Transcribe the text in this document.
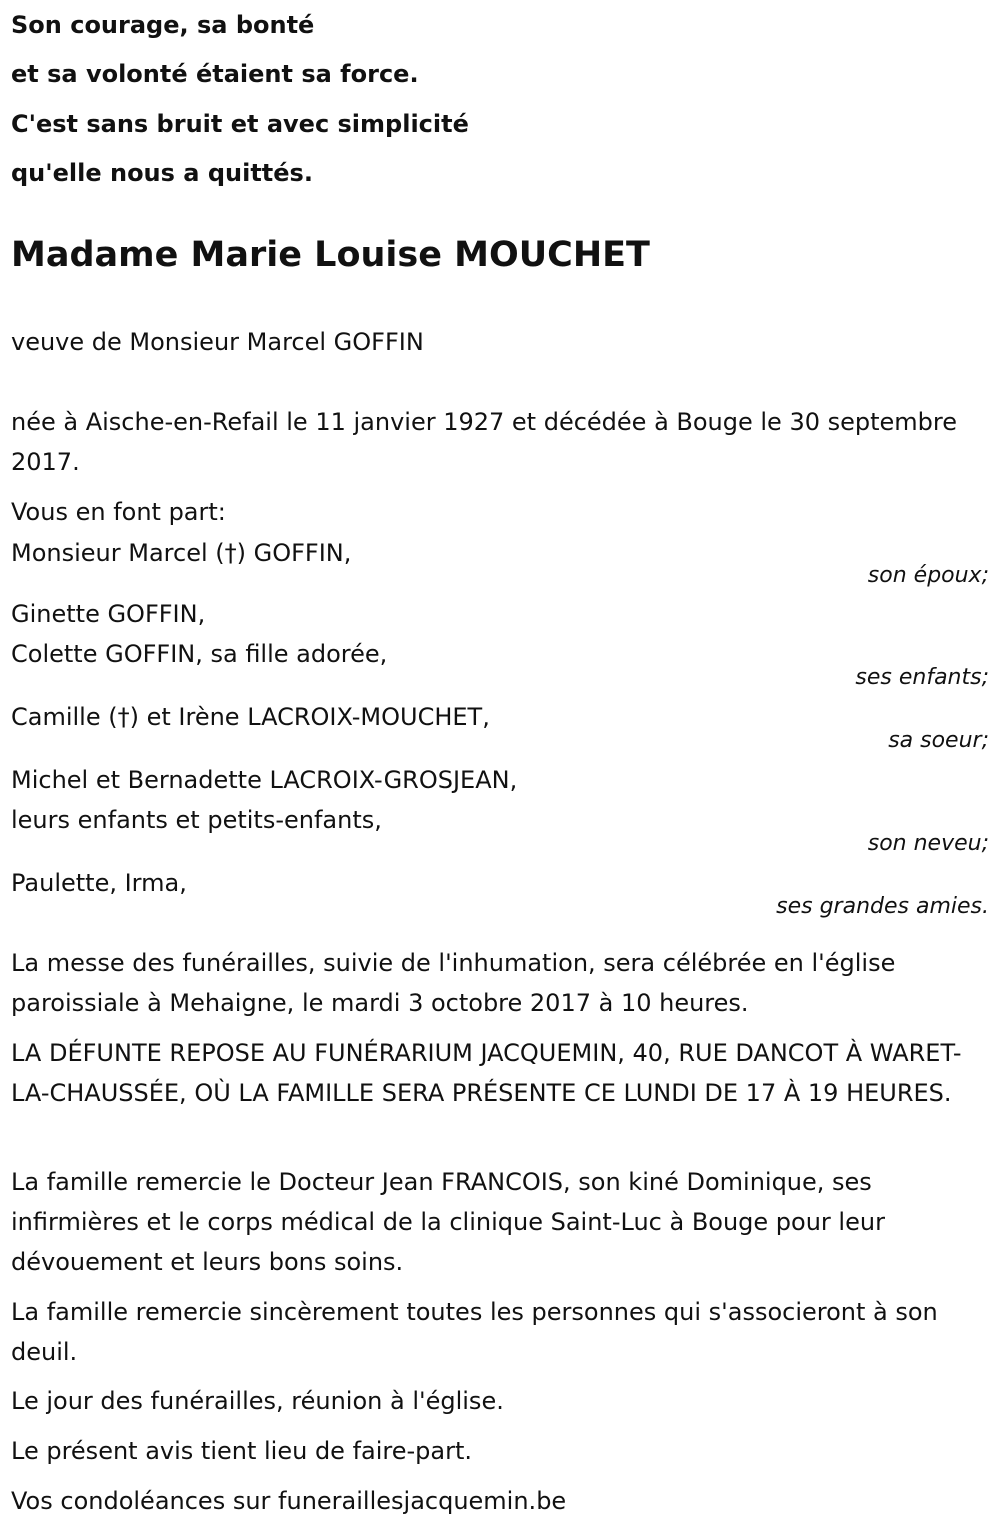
Son courage, sa bonté
et sa volonté étaient sa force.
C'est sans bruit et avec simplicité
qu'elle nous a quittés.
Madame Marie Louise MOUCHET
veuve de Monsieur Marcel GOFFIN
née à Aische-en-Refail le 11 janvier 1927 et décédée à Bouge le 30 septembre 2017.
Vous en font part:
Monsieur Marcel (†) GOFFIN,
son époux;
Ginette GOFFIN,
Colette GOFFIN, sa fille adorée,
ses enfants;
Camille (†) et Irène LACROIX-MOUCHET,
sa soeur;
Michel et Bernadette LACROIX-GROSJEAN,
leurs enfants et petits-enfants,
son neveu;
Paulette, Irma,
ses grandes amies.
La messe des funérailles, suivie de l'inhumation, sera célébrée en l'église paroissiale à Mehaigne, le mardi 3 octobre 2017 à 10 heures.
LA DÉFUNTE REPOSE AU FUNÉRARIUM JACQUEMIN, 40, RUE DANCOT À WARET-LA-CHAUSSÉE, OÙ LA FAMILLE SERA PRÉSENTE CE LUNDI DE 17 À 19 HEURES.
La famille remercie le Docteur Jean FRANCOIS, son kiné Dominique, ses infirmières et le corps médical de la clinique Saint-Luc à Bouge pour leur dévouement et leurs bons soins.
La famille remercie sincèrement toutes les personnes qui s'associeront à son deuil.
Le jour des funérailles, réunion à l'église.
Le présent avis tient lieu de faire-part.
Vos condoléances sur funeraillesjacquemin.be
